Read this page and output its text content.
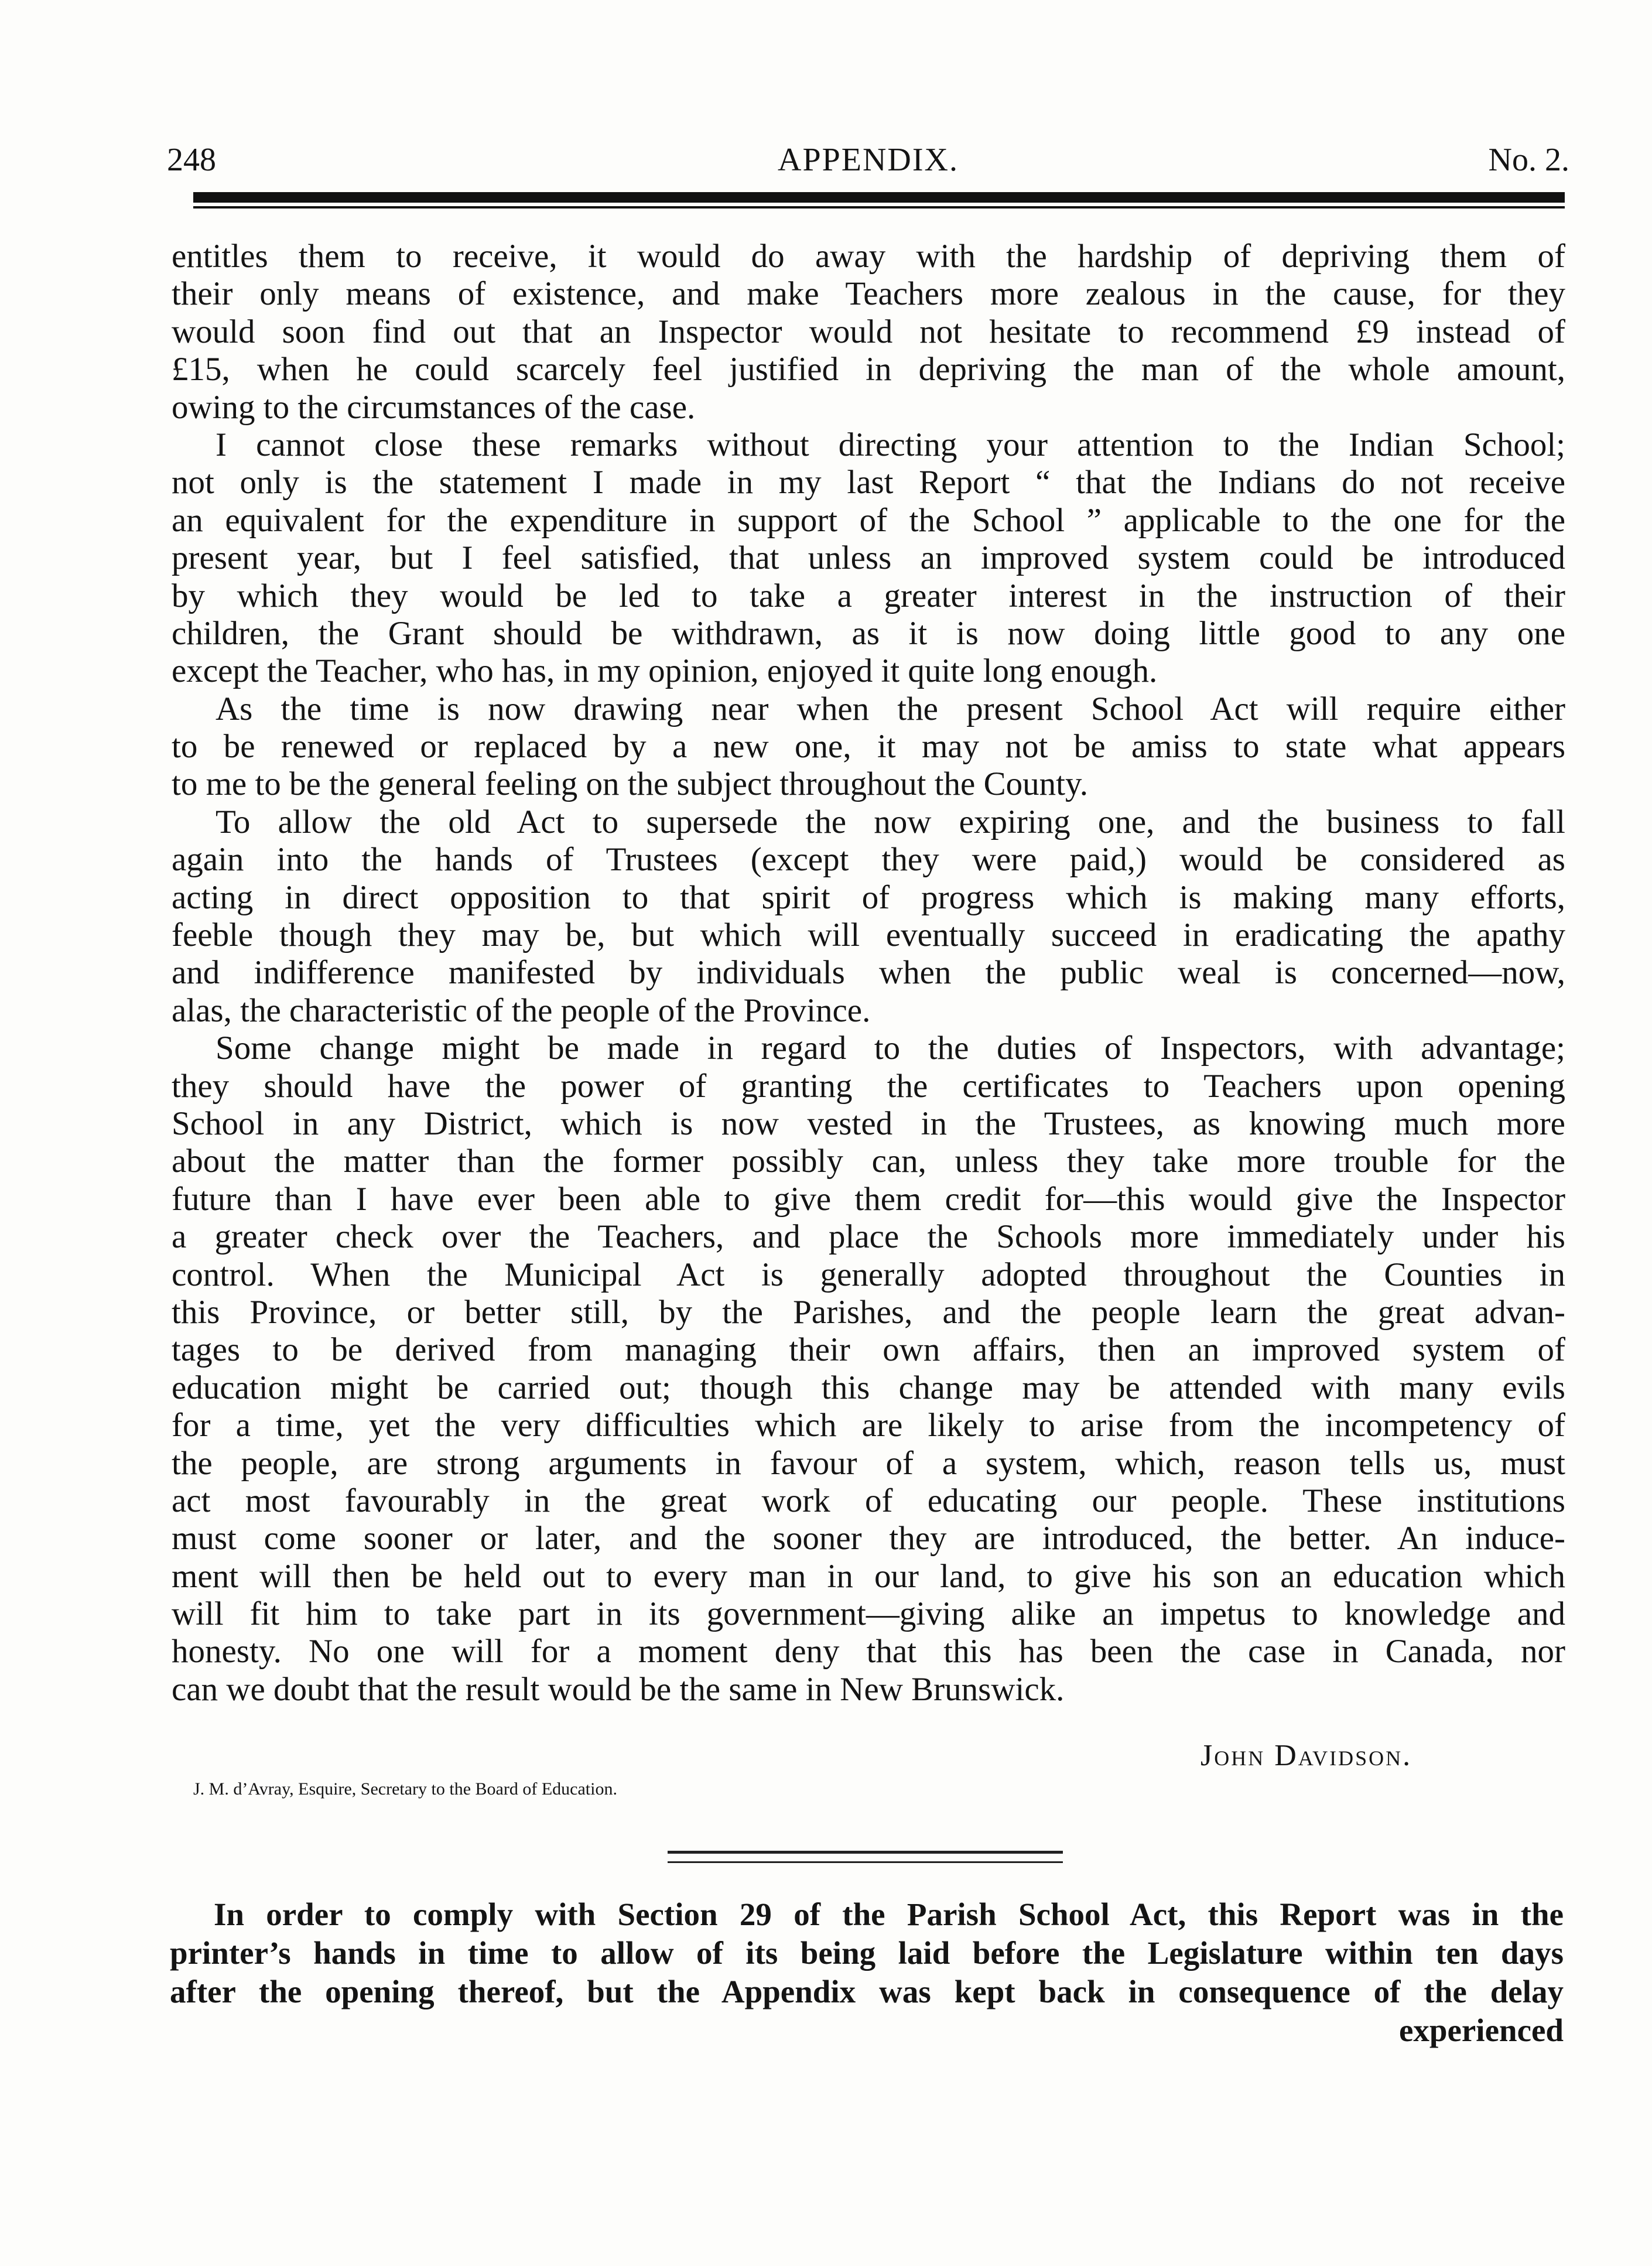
248	APPENDIX.	No. 2.
entitles them to receive, it would do away with the hardship of depriving them of
their only means of existence, and make Teachers more zealous in the cause, for they
would soon find out that an Inspector would not hesitate to recommend £9 instead of
£15, when he could scarcely feel justified in depriving the man of the whole amount,
owing to the circumstances of the case.
I cannot close these remarks without directing your attention to the Indian School;
not only is the statement I made in my last Report “ that the Indians do not receive
an equivalent for the expenditure in support of the School ” applicable to the one for the
present year, but I feel satisfied, that unless an improved system could be introduced
by which they would be led to take a greater interest in the instruction of their
children, the Grant should be withdrawn, as it is now doing little good to any one
except the Teacher, who has, in my opinion, enjoyed it quite long enough.
As the time is now drawing near when the present School Act will require either
to be renewed or replaced by a new one, it may not be amiss to state what appears
to me to be the general feeling on the subject throughout the County.
To allow the old Act to supersede the now expiring one, and the business to fall
again into the hands of Trustees (except they were paid,) would be considered as
acting in direct opposition to that spirit of progress which is making many efforts,
feeble though they may be, but which will eventually succeed in eradicating the apathy
and indifference manifested by individuals when the public weal is concerned—now,
alas, the characteristic of the people of the Province.
Some change might be made in regard to the duties of Inspectors, with advantage;
they should have the power of granting the certificates to Teachers upon opening
School in any District, which is now vested in the Trustees, as knowing much more
about the matter than the former possibly can, unless they take more trouble for the
future than I have ever been able to give them credit for—this would give the Inspector
a greater check over the Teachers, and place the Schools more immediately under his
control. When the Municipal Act is generally adopted throughout the Counties in
this Province, or better still, by the Parishes, and the people learn the great advan-
tages to be derived from managing their own affairs, then an improved system of
education might be carried out; though this change may be attended with many evils
for a time, yet the very difficulties which are likely to arise from the incompetency of
the people, are strong arguments in favour of a system, which, reason tells us, must
act most favourably in the great work of educating our people. These institutions
must come sooner or later, and the sooner they are introduced, the better. An induce-
ment will then be held out to every man in our land, to give his son an education which
will fit him to take part in its government—giving alike an impetus to knowledge and
honesty. No one will for a moment deny that this has been the case in Canada, nor
can we doubt that the result would be the same in New Brunswick.
John Davidson.
J. M. d’Avray, Esquire, Secretary to the Board of Education.
In order to comply with Section 29 of the Parish School Act, this Report was in the
printer’s hands in time to allow of its being laid before the Legislature within ten days
after the opening thereof, but the Appendix was kept back in consequence of the delay
experienced
